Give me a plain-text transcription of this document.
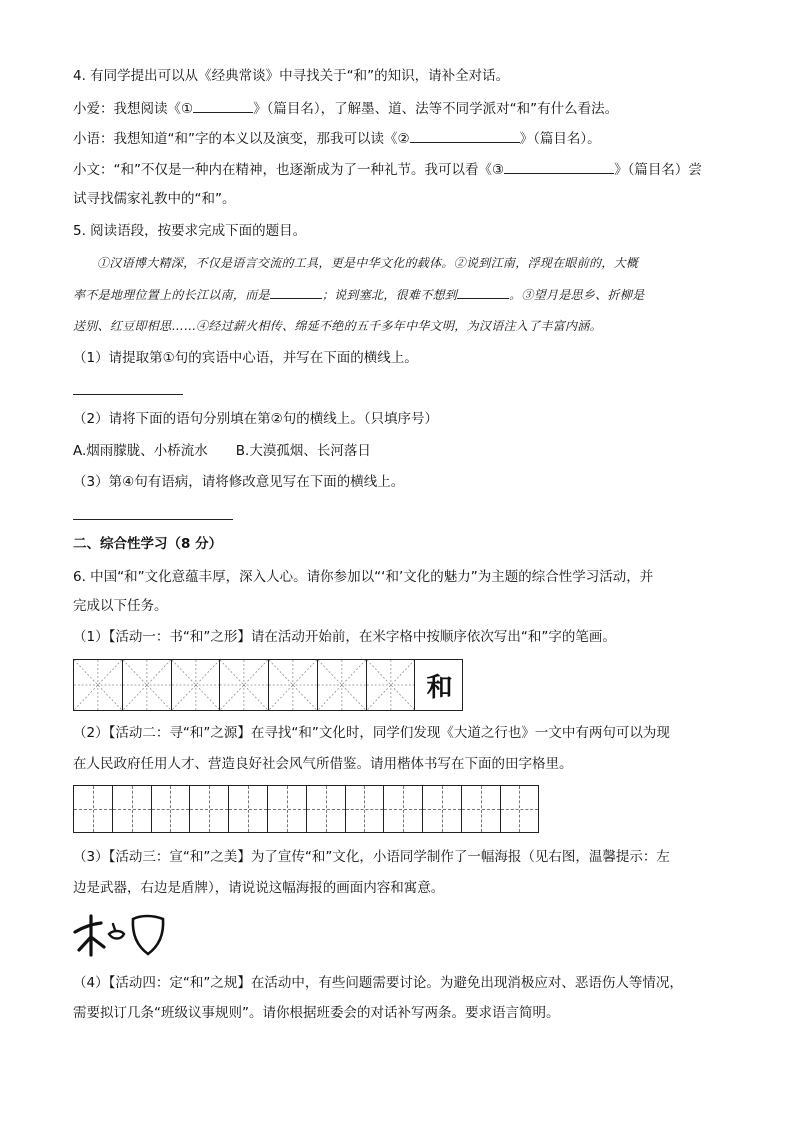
4. 有同学提出可以从《经典常谈》中寻找关于“和”的知识，请补全对话。
小爱：我想阅读《①	》（篇目名），了解墨、道、法等不同学派对“和”有什么看法。
小语：我想知道“和”字的本义以及演变，那我可以读《②	》（篇目名）。
小文：“和”不仅是一种内在精神，也逐渐成为了一种礼节。我可以看《③	》（篇目名）尝
试寻找儒家礼教中的“和”。
5. 阅读语段，按要求完成下面的题目。
①汉语博大精深，不仅是语言交流的工具，更是中华文化的载体。②说到江南，浮现在眼前的，大概
率不是地理位置上的长江以南，而是	；说到塞北，很难不想到	。③望月是思乡、折柳是
送别、红豆即相思……④经过薪火相传、绵延不绝的五千多年中华文明，为汉语注入了丰富内涵。
（1）请提取第①句的宾语中心语，并写在下面的横线上。
（2）请将下面的语句分别填在第②句的横线上。（只填序号）
A.烟雨朦胧、小桥流水 B.大漠孤烟、长河落日
（3）第④句有语病，请将修改意见写在下面的横线上。
二、综合性学习（8 分）
6. 中国“和”文化意蕴丰厚，深入人心。请你参加以“‘和’文化的魅力”为主题的综合性学习活动，并
完成以下任务。
（1）【活动一：书“和”之形】请在活动开始前，在米字格中按顺序依次写出“和”字的笔画。
和
（2）【活动二：寻“和”之源】在寻找“和”文化时，同学们发现《大道之行也》一文中有两句可以为现
在人民政府任用人才、营造良好社会风气所借鉴。请用楷体书写在下面的田字格里。
（3）【活动三：宣“和”之美】为了宣传“和”文化，小语同学制作了一幅海报（见右图，温馨提示：左
边是武器，右边是盾牌），请说说这幅海报的画面内容和寓意。
（4）【活动四：定“和”之规】在活动中，有些问题需要讨论。为避免出现消极应对、恶语伤人等情况，
需要拟订几条“班级议事规则”。请你根据班委会的对话补写两条。要求语言简明。
